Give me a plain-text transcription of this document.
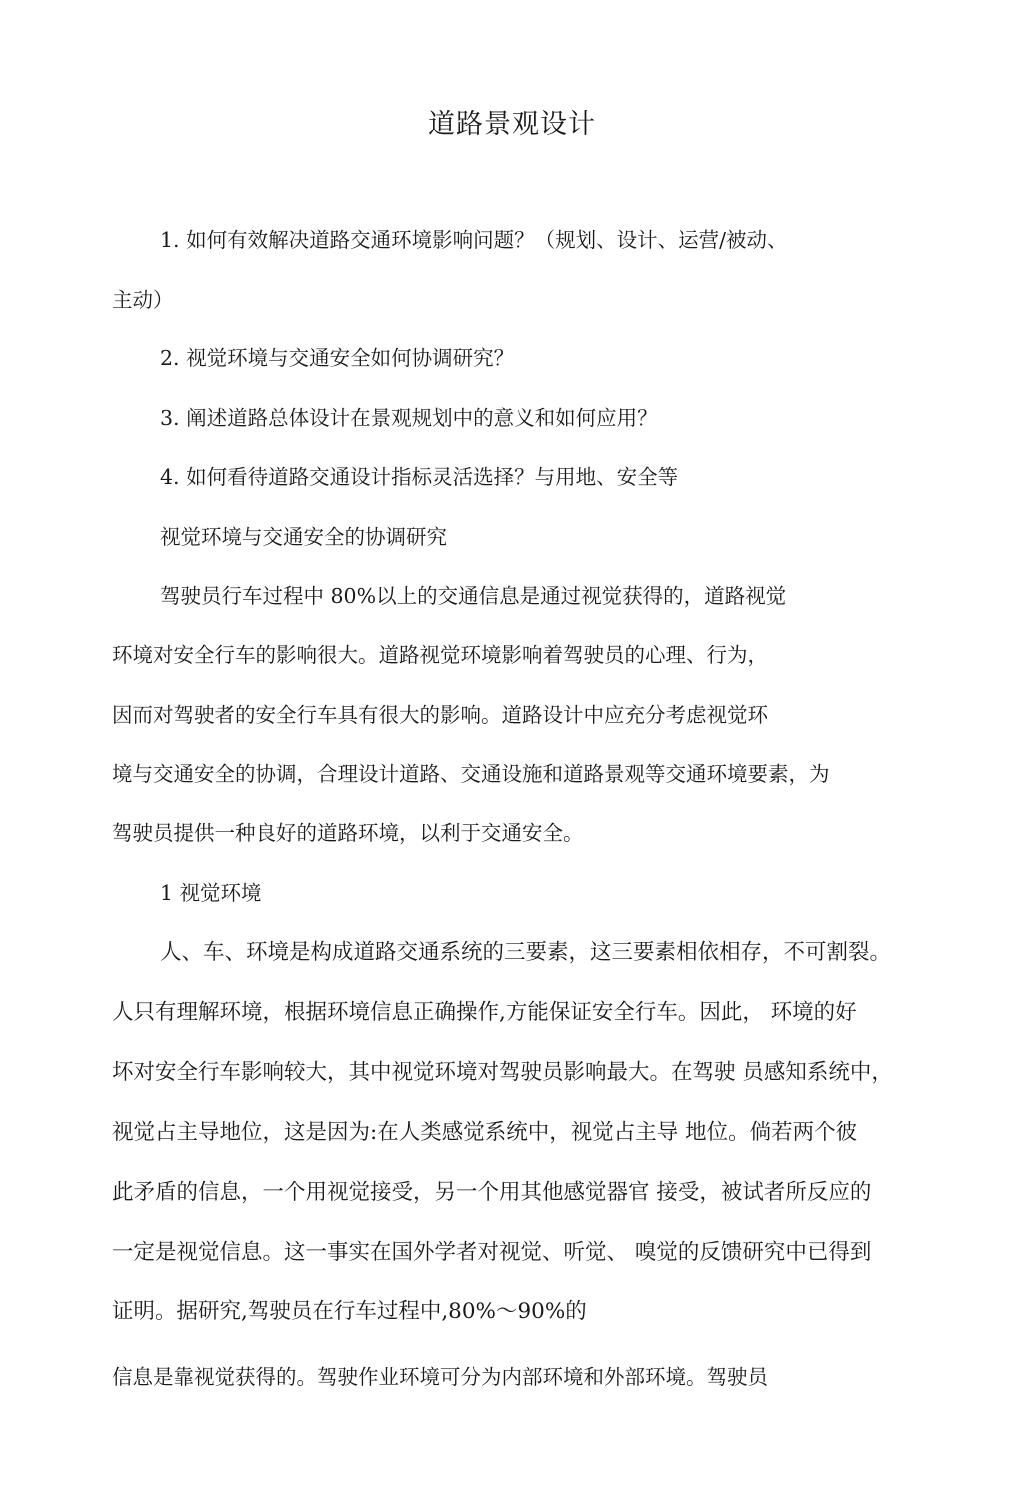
道路景观设计

1. 如何有效解决道路交通环境影响问题？（规划、设计、运营/被动、

主动）

2. 视觉环境与交通安全如何协调研究？

3. 阐述道路总体设计在景观规划中的意义和如何应用？

4. 如何看待道路交通设计指标灵活选择？与用地、安全等

视觉环境与交通安全的协调研究

驾驶员行车过程中 80%以上的交通信息是通过视觉获得的，道路视觉

环境对安全行车的影响很大。道路视觉环境影响着驾驶员的心理、行为，

因而对驾驶者的安全行车具有很大的影响。道路设计中应充分考虑视觉环

境与交通安全的协调，合理设计道路、交通设施和道路景观等交通环境要素，为

驾驶员提供一种良好的道路环境，以利于交通安全。

1 视觉环境

人、车、环境是构成道路交通系统的三要素，这三要素相依相存，不可割裂。

人只有理解环境，根据环境信息正确操作,方能保证安全行车。因此， 环境的好

坏对安全行车影响较大，其中视觉环境对驾驶员影响最大。在驾驶 员感知系统中，

视觉占主导地位，这是因为:在人类感觉系统中，视觉占主导 地位。倘若两个彼

此矛盾的信息，一个用视觉接受，另一个用其他感觉器官 接受，被试者所反应的

一定是视觉信息。这一事实在国外学者对视觉、听觉、 嗅觉的反馈研究中已得到

证明。据研究,驾驶员在行车过程中,80%～90%的

信息是靠视觉获得的。驾驶作业环境可分为内部环境和外部环境。驾驶员
